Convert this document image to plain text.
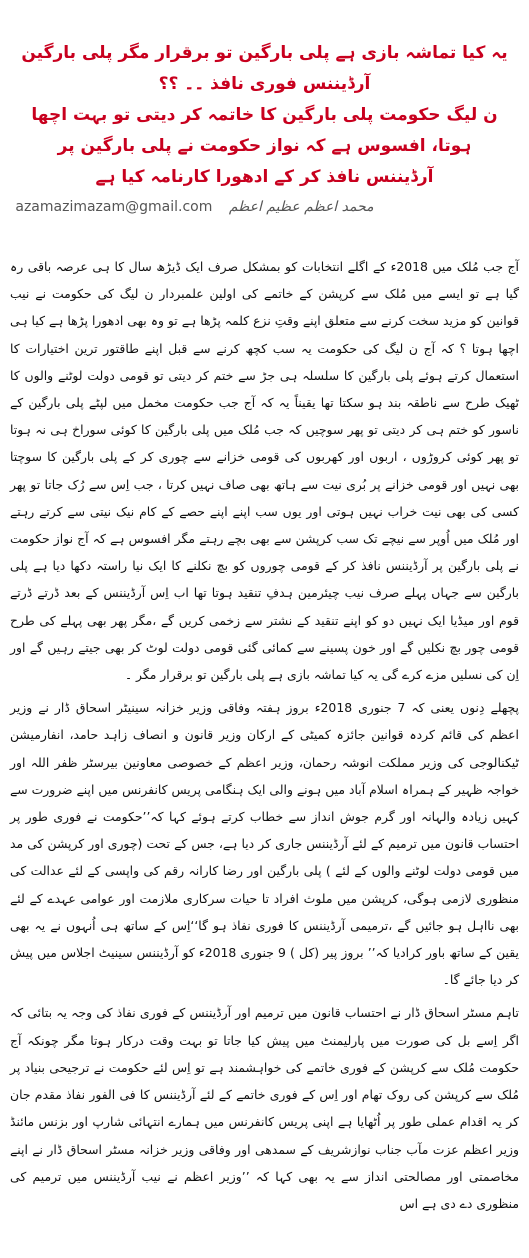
یہ کیا تماشہ بازی ہے پلی بارگین تو برقرار مگر پلی بارگین آرڈیننس فوری نافذ ۔۔ ؟؟
ن لیگ حکومت پلی بارگین کا خاتمہ کر دیتی تو بہت اچھا ہوتا، افسوس ہے کہ نواز حکومت نے پلی بارگین پر
آرڈیننس نافذ کر کے ادھورا کارنامہ کیا ہے
محمد اعظم عظیم اعظم azamazimazam@gmail.com

آج جب مُلک میں 2018ء کے اگلے انتخابات کو بمشکل صرف ایک ڈیڑھ سال کا ہی عرصہ باقی رہ گیا ہے تو ایسے میں مُلک سے کرپشن کے خاتمے کی اولین علمبردار ن لیگ کی حکومت نے نیب قوانین کو مزید سخت کرنے سے متعلق اپنے وقتِ نزع کلمہ پڑھا ہے تو وہ بھی ادھورا پڑھا ہے کیا ہی اچھا ہوتا ؟ کہ آج ن لیگ کی حکومت یہ سب کچھ کرنے سے قبل اپنے طاقتور ترین اختیارات کا استعمال کرتے ہوئے پلی بارگین کا سلسلہ ہی جڑ سے ختم کر دیتی تو قومی دولت لوٹنے والوں کا ٹھیک طرح سے ناطقہ بند ہو سکتا تھا یقیناً یہ کہ آج جب حکومت مخمل میں لپٹے پلی بارگین کے ناسور کو ختم ہی کر دیتی تو پھر سوچیں کہ جب مُلک میں پلی بارگین کا کوئی سوراخ ہی نہ ہوتا تو پھر کوئی کروڑوں ، اربوں اور کھربوں کی قومی خزانے سے چوری کر کے پلی بارگین کا سوچتا بھی نہیں اور قومی خزانے پر بُری نیت سے ہاتھ بھی صاف نہیں کرتا ، جب اِس سے رُک جاتا تو پھر کسی کی بھی نیت خراب نہیں ہوتی اور یوں سب اپنے اپنے حصے کے کام نیک نیتی سے کرتے رہتے اور مُلک میں اُوپر سے نیچے تک سب کرپشن سے بھی بچے رہتے مگر افسوس ہے کہ آج نواز حکومت نے پلی بارگین پر آرڈیننس نافذ کر کے قومی چوروں کو بچ نکلنے کا ایک نیا راستہ دکھا دیا ہے پلی بارگین سے جہاں پہلے صرف نیب چیئرمین ہدفِ تنقید ہوتا تھا اب اِس آرڈیننس کے بعد ڈرتے ڈرتے قوم اور میڈیا ایک نہیں دو کو اپنے تنقید کے نشتر سے زخمی کریں گے ،مگر پھر بھی پہلے کی طرح قومی چور بچ نکلیں گے اور خون پسینے سے کمائی گئی قومی دولت لوٹ کر بھی جیتے رہیں گے اور اِن کی نسلیں مزے کرے گی یہ کیا تماشہ بازی ہے پلی بارگین تو برقرار مگر ۔

پچھلے دِنوں یعنی کہ 7 جنوری 2018ء بروز ہفتہ وفاقی وزیر خزانہ سینیٹر اسحاق ڈار نے وزیر اعظم کی قائم کردہ قوانین جائزہ کمیٹی کے ارکان وزیر قانون و انصاف زاہد حامد، انفارمیشن ٹیکنالوجی کی وزیر مملکت انوشہ رحمان، وزیر اعظم کے خصوصی معاونین بیرسٹر ظفر اللہ اور خواجہ ظہیر کے ہمراہ اسلام آباد میں ہونے والی ایک ہنگامی پریس کانفرنس میں اپنے ضرورت سے کہیں زیادہ والہانہ اور گرم جوش انداز سے خطاب کرتے ہوئے کہا کہ’’حکومت نے فوری طور پر احتساب قانون میں ترمیم کے لئے آرڈیننس جاری کر دیا ہے، جس کے تحت (چوری اور کرپشن کی مد میں قومی دولت لوٹنے والوں کے لئے ) پلی بارگین اور رضا کارانہ رقم کی واپسی کے لئے عدالت کی منظوری لازمی ہوگی، کرپشن میں ملوث افراد تا حیات سرکاری ملازمت اور عوامی عہدے کے لئے بھی نااہل ہو جائیں گے ،ترمیمی آرڈیننس کا فوری نفاذ ہو گا‘‘اِس کے ساتھ ہی اُنہوں نے یہ بھی یقین کے ساتھ باور کرادیا کہ’’ بروز پیر (کل ) 9 جنوری 2018ء کو آرڈیننس سینیٹ اجلاس میں پیش کر دیا جائے گا۔

تاہم مسٹر اسحاق ڈار نے احتساب قانون میں ترمیم اور آرڈیننس کے فوری نفاذ کی وجہ یہ بتائی کہ اگر اِسے بل کی صورت میں پارلیمنٹ میں پیش کیا جاتا تو بہت وقت درکار ہوتا مگر چونکہ آج حکومت مُلک سے کرپشن کے فوری خاتمے کی خواہشمند ہے تو اِس لئے حکومت نے ترجیحی بنیاد پر مُلک سے کرپشن کی روک تھام اور اِس کے فوری خاتمے کے لئے آرڈیننس کا فی الفور نفاذ مقدم جان کر یہ اقدام عملی طور پر اُٹھایا ہے اپنی پریس کانفرنس میں ہمارے انتہائی شارپ اور بزنس مائنڈ وزیر اعظم عزت مآب جناب نوازشریف کے سمدھی اور وفاقی وزیر خزانہ مسٹر اسحاق ڈار نے اپنے مخاصمتی اور مصالحتی انداز سے یہ بھی کہا کہ ’’وزیر اعظم نے نیب آرڈیننس میں ترمیم کی منظوری دے دی ہے اس
